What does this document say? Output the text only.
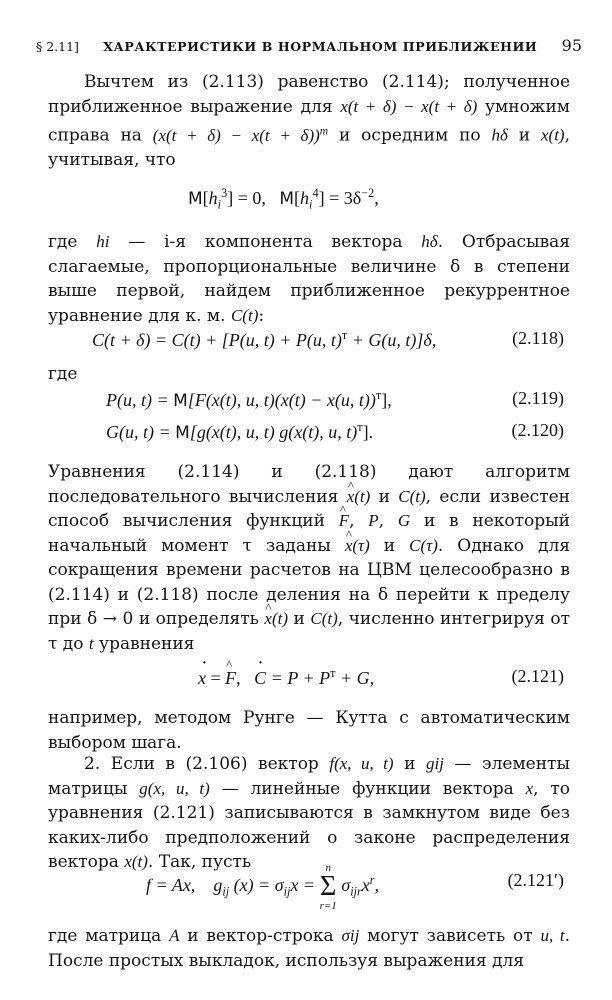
§ 2.11] ХАРАКТЕРИСТИКИ В НОРМАЛЬНОМ ПРИБЛИЖЕНИИ 95
Вычтем из (2.113) равенство (2.114); полученное приближенное выражение для x(t + δ) − x(t + δ) умножим справа на $(x(t + \delta) - x(t + \delta))^т$ и осредним по hδ и x(t), учитывая, что
$M[h_i^3] = 0$, $M[h_i^4] = 3\delta^{-2}$,
где hi — i-я компонента вектора hδ. Отбрасывая слагаемые, пропорциональные величине δ в степени выше первой, найдем приближенное рекуррентное уравнение для к. м. C(t):
C(t + δ) = C(t) + [P(u, t) + P(u, t)$^т$ + G(u, t)]δ,	(2.118)
где
P(u, t) = M[F(x(t), u, t)(x(t) − x(u, t))$^т$],	(2.119)
G(u, t) = M[g(x(t), u, t) g(x(t), u, t)$^т$].	(2.120)
Уравнения (2.114) и (2.118) дают алгоритм последовательного вычисления ^ x(t) и C(t), если известен способ вычисления функций ^ F, P, G и в некоторый начальный момент τ заданы ^ x(τ) и C(τ). Однако для сокращения времени расчетов на ЦВМ целесообразно в (2.114) и (2.118) после деления на δ перейти к пределу при δ → 0 и определять ^ x(t) и C(t), численно интегрируя от τ до t уравнения
· x = ^ F,   · $C = P + P^т + G$,	(2.121)
например, методом Рунге — Кутта с автоматическим выбором шага.
2. Если в (2.106) вектор f(x, u, t) и gij — элементы матрицы g(x, u, t) — линейные функции вектора x, то уравнения (2.121) записываются в замкнутом виде без каких-либо предположений о законе распределения вектора x(t). Так, пусть
f = Ax, $g_{ij}$ $(x) = \sigma_{ij}x$ =
n
Σ
r=1
$\sigma_{ijr}x^r$,	(2.121′)
где матрица A и вектор-строка σij могут зависеть от u, t. После простых выкладок, используя выражения для
